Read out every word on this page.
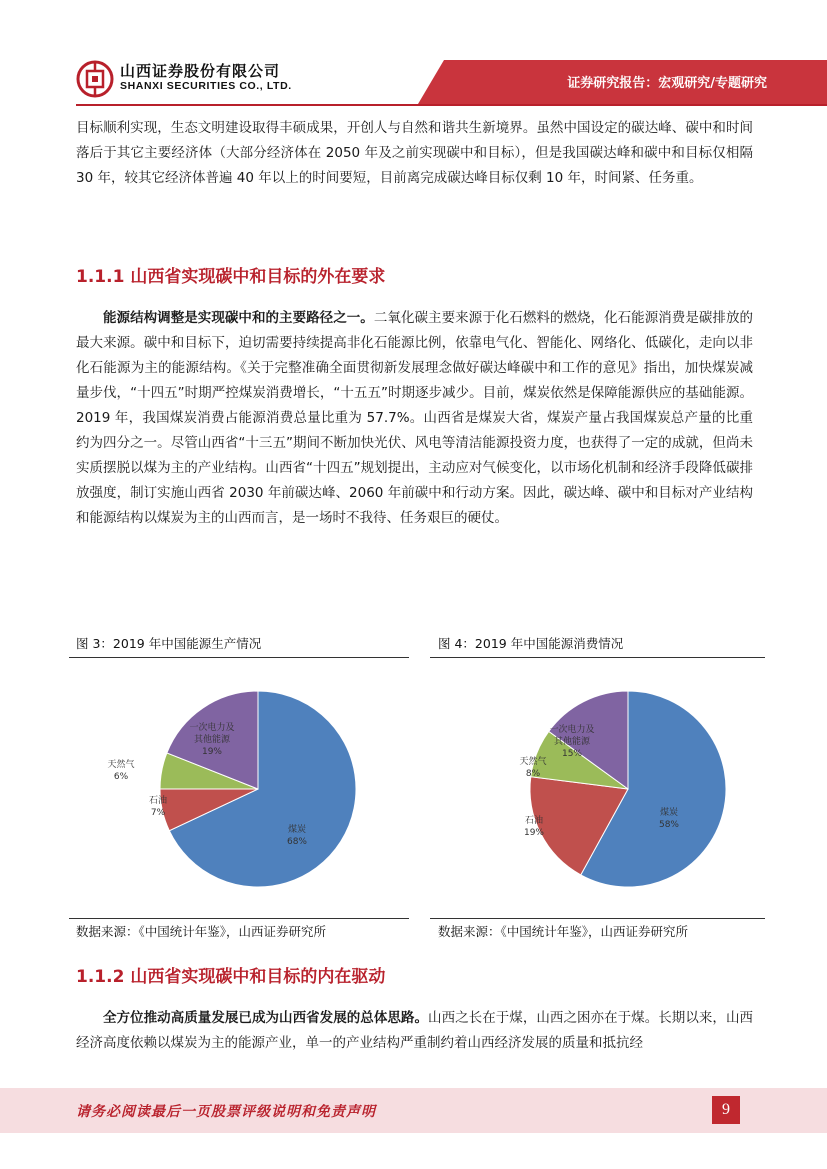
山西证券股份有限公司
SHANXI SECURITIES CO., LTD.	证券研究报告：宏观研究/专题研究
目标顺利实现，生态文明建设取得丰硕成果，开创人与自然和谐共生新境界。虽然中国设定的碳达峰、碳中和时间落后于其它主要经济体（大部分经济体在 2050 年及之前实现碳中和目标），但是我国碳达峰和碳中和目标仅相隔 30 年，较其它经济体普遍 40 年以上的时间要短，目前离完成碳达峰目标仅剩 10 年，时间紧、任务重。
1.1.1 山西省实现碳中和目标的外在要求
能源结构调整是实现碳中和的主要路径之一。二氧化碳主要来源于化石燃料的燃烧，化石能源消费是碳排放的最大来源。碳中和目标下，迫切需要持续提高非化石能源比例，依靠电气化、智能化、网络化、低碳化，走向以非化石能源为主的能源结构。《关于完整准确全面贯彻新发展理念做好碳达峰碳中和工作的意见》指出，加快煤炭减量步伐，“十四五”时期严控煤炭消费增长，“十五五”时期逐步减少。目前，煤炭依然是保障能源供应的基础能源。2019 年，我国煤炭消费占能源消费总量比重为 57.7%。山西省是煤炭大省，煤炭产量占我国煤炭总产量的比重约为四分之一。尽管山西省“十三五”期间不断加快光伏、风电等清洁能源投资力度，也获得了一定的成就，但尚未实质摆脱以煤为主的产业结构。山西省“十四五”规划提出，主动应对气候变化，以市场化机制和经济手段降低碳排放强度，制订实施山西省 2030 年前碳达峰、2060 年前碳中和行动方案。因此，碳达峰、碳中和目标对产业结构和能源结构以煤炭为主的山西而言，是一场时不我待、任务艰巨的硬仗。
图 3：2019 年中国能源生产情况
煤炭 68%
石油 7%
天然气 6%
一次电力及其他能源 19%
数据来源：《中国统计年鉴》，山西证券研究所
图 4：2019 年中国能源消费情况
煤炭 58%
石油 19%
天然气 8%
一次电力及其他能源 15%
数据来源：《中国统计年鉴》，山西证券研究所
1.1.2 山西省实现碳中和目标的内在驱动
全方位推动高质量发展已成为山西省发展的总体思路。山西之长在于煤，山西之困亦在于煤。长期以来，山西经济高度依赖以煤炭为主的能源产业，单一的产业结构严重制约着山西经济发展的质量和抵抗经
请务必阅读最后一页股票评级说明和免责声明	9
